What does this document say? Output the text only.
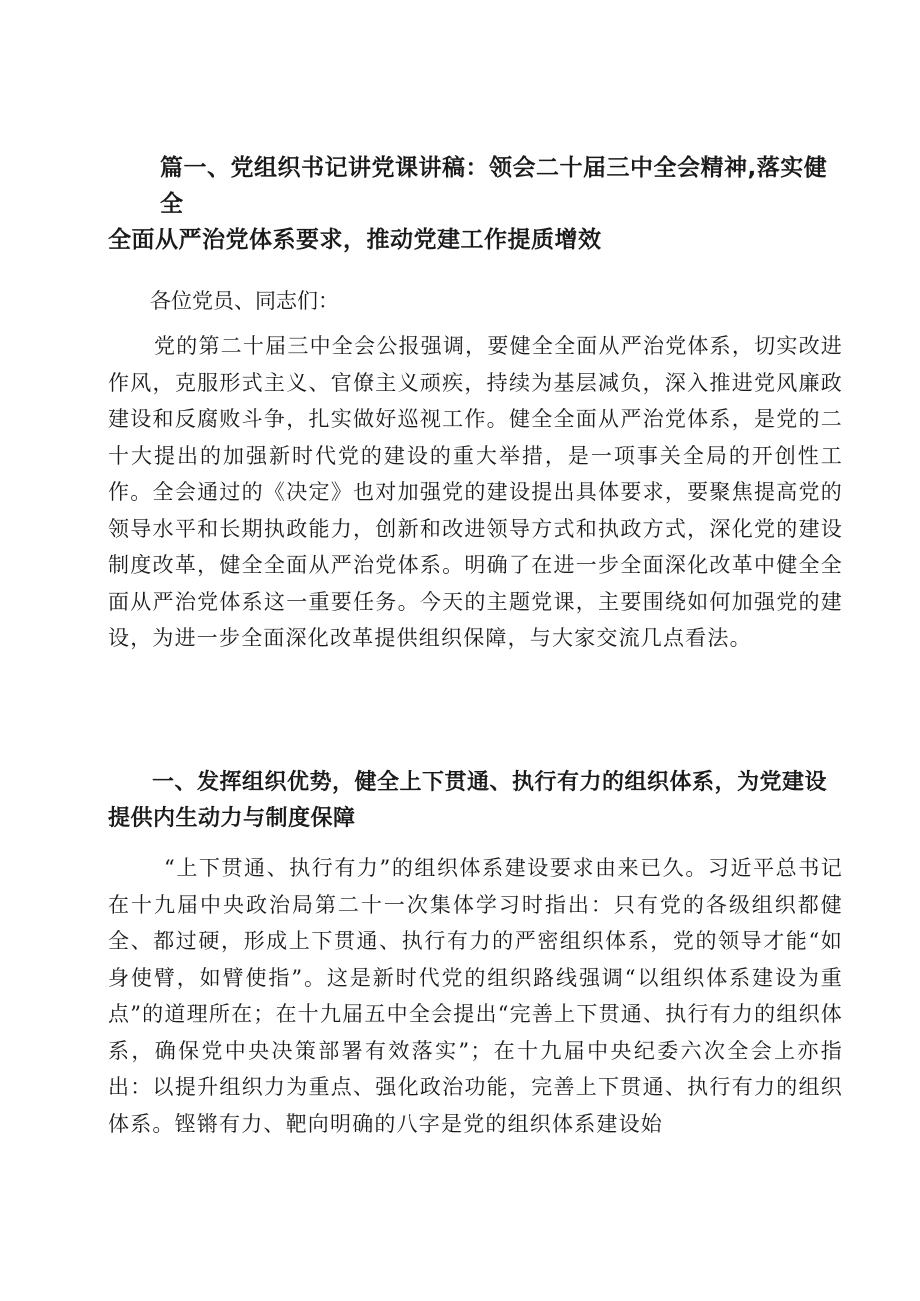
篇一、党组织书记讲党课讲稿：领会二十届三中全会精神,落实健全
全面从严治党体系要求，推动党建工作提质增效

各位党员、同志们：

党的第二十届三中全会公报强调，要健全全面从严治党体系，切实改进作风，克服形式主义、官僚主义顽疾，持续为基层减负，深入推进党风廉政建设和反腐败斗争，扎实做好巡视工作。健全全面从严治党体系，是党的二十大提出的加强新时代党的建设的重大举措，是一项事关全局的开创性工作。全会通过的《决定》也对加强党的建设提出具体要求，要聚焦提高党的领导水平和长期执政能力，创新和改进领导方式和执政方式，深化党的建设制度改革，健全全面从严治党体系。明确了在进一步全面深化改革中健全全面从严治党体系这一重要任务。今天的主题党课，主要围绕如何加强党的建设，为进一步全面深化改革提供组织保障，与大家交流几点看法。

一、发挥组织优势，健全上下贯通、执行有力的组织体系，为党建设提供内生动力与制度保障

“上下贯通、执行有力”的组织体系建设要求由来已久。习近平总书记在十九届中央政治局第二十一次集体学习时指出：只有党的各级组织都健全、都过硬，形成上下贯通、执行有力的严密组织体系，党的领导才能“如身使臂，如臂使指”。这是新时代党的组织路线强调“以组织体系建设为重点”的道理所在；在十九届五中全会提出“完善上下贯通、执行有力的组织体系，确保党中央决策部署有效落实”；在十九届中央纪委六次全会上亦指出：以提升组织力为重点、强化政治功能，完善上下贯通、执行有力的组织体系。铿锵有力、靶向明确的八字是党的组织体系建设始
